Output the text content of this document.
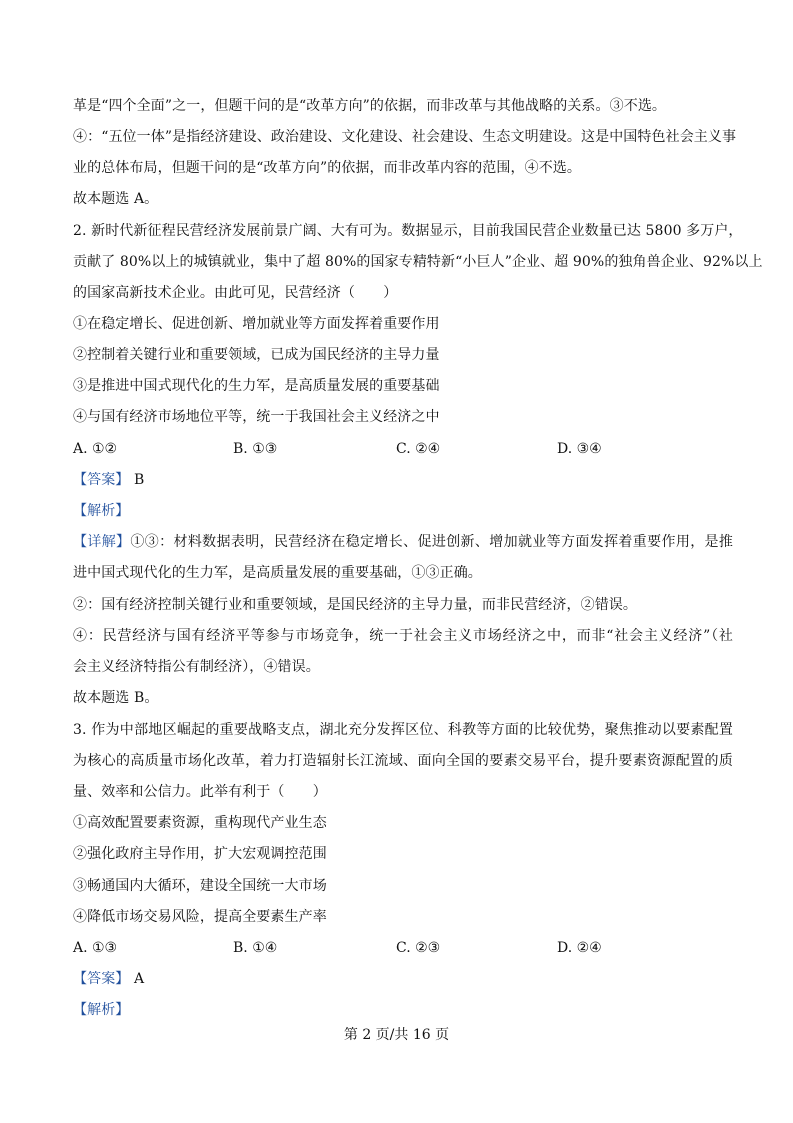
革是“四个全面”之一，但题干问的是“改革方向”的依据，而非改革与其他战略的关系。③不选。
④：“五位一体”是指经济建设、政治建设、文化建设、社会建设、生态文明建设。这是中国特色社会主义事
业的总体布局，但题干问的是“改革方向”的依据，而非改革内容的范围，④不选。
故本题选 A。
2. 新时代新征程民营经济发展前景广阔、大有可为。数据显示，目前我国民营企业数量已达 5800 多万户，
贡献了 80%以上的城镇就业，集中了超 80%的国家专精特新“小巨人”企业、超 90%的独角兽企业、92%以上
的国家高新技术企业。由此可见，民营经济（　　）
①在稳定增长、促进创新、增加就业等方面发挥着重要作用
②控制着关键行业和重要领域，已成为国民经济的主导力量
③是推进中国式现代化的生力军，是高质量发展的重要基础
④与国有经济市场地位平等，统一于我国社会主义经济之中
A. ①②	B. ①③	C. ②④	D. ③④
【答案】 B
【解析】
【详解】①③：材料数据表明，民营经济在稳定增长、促进创新、增加就业等方面发挥着重要作用，是推
进中国式现代化的生力军，是高质量发展的重要基础，①③正确。
②：国有经济控制关键行业和重要领域，是国民经济的主导力量，而非民营经济，②错误。
④：民营经济与国有经济平等参与市场竞争，统一于社会主义市场经济之中，而非“社会主义经济”（社
会主义经济特指公有制经济），④错误。
故本题选 B。
3. 作为中部地区崛起的重要战略支点，湖北充分发挥区位、科教等方面的比较优势，聚焦推动以要素配置
为核心的高质量市场化改革，着力打造辐射长江流域、面向全国的要素交易平台，提升要素资源配置的质
量、效率和公信力。此举有利于（　　）
①高效配置要素资源，重构现代产业生态
②强化政府主导作用，扩大宏观调控范围
③畅通国内大循环，建设全国统一大市场
④降低市场交易风险，提高全要素生产率
A. ①③	B. ①④	C. ②③	D. ②④
【答案】 A
【解析】
第 2 页/共 16 页
